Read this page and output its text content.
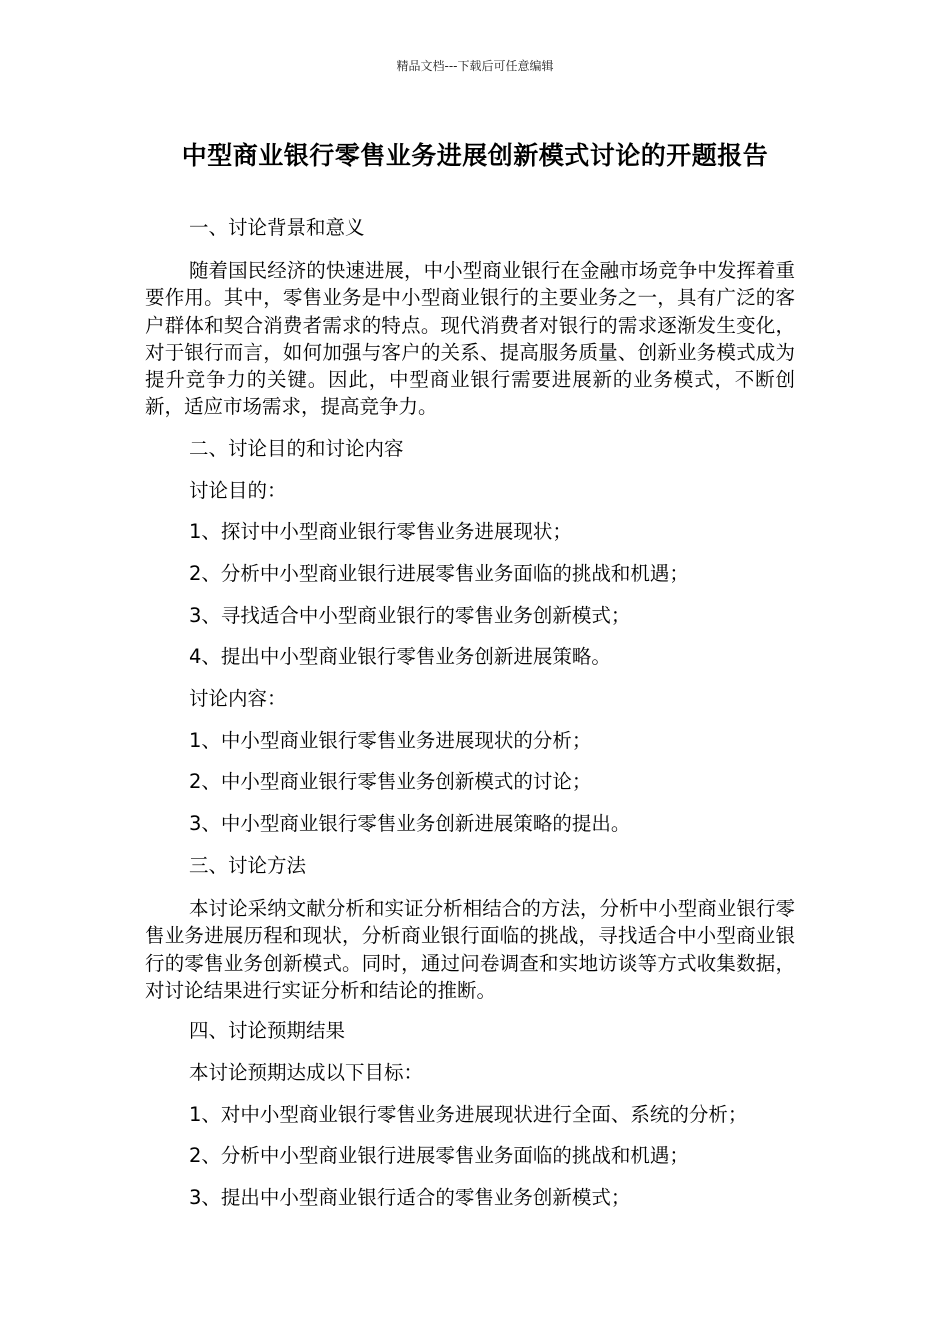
精品文档---下载后可任意编辑
中型商业银行零售业务进展创新模式讨论的开题报告
一、讨论背景和意义

随着国民经济的快速进展，中小型商业银行在金融市场竞争中发挥着重要作用。其中，零售业务是中小型商业银行的主要业务之一，具有广泛的客户群体和契合消费者需求的特点。现代消费者对银行的需求逐渐发生变化，对于银行而言，如何加强与客户的关系、提高服务质量、创新业务模式成为提升竞争力的关键。因此，中型商业银行需要进展新的业务模式，不断创新，适应市场需求，提高竞争力。

二、讨论目的和讨论内容
讨论目的：
1、探讨中小型商业银行零售业务进展现状；
2、分析中小型商业银行进展零售业务面临的挑战和机遇；
3、寻找适合中小型商业银行的零售业务创新模式；
4、提出中小型商业银行零售业务创新进展策略。
讨论内容：
1、中小型商业银行零售业务进展现状的分析；
2、中小型商业银行零售业务创新模式的讨论；
3、中小型商业银行零售业务创新进展策略的提出。
三、讨论方法

本讨论采纳文献分析和实证分析相结合的方法，分析中小型商业银行零售业务进展历程和现状，分析商业银行面临的挑战，寻找适合中小型商业银行的零售业务创新模式。同时，通过问卷调查和实地访谈等方式收集数据，对讨论结果进行实证分析和结论的推断。

四、讨论预期结果
本讨论预期达成以下目标：
1、对中小型商业银行零售业务进展现状进行全面、系统的分析；
2、分析中小型商业银行进展零售业务面临的挑战和机遇；
3、提出中小型商业银行适合的零售业务创新模式；
